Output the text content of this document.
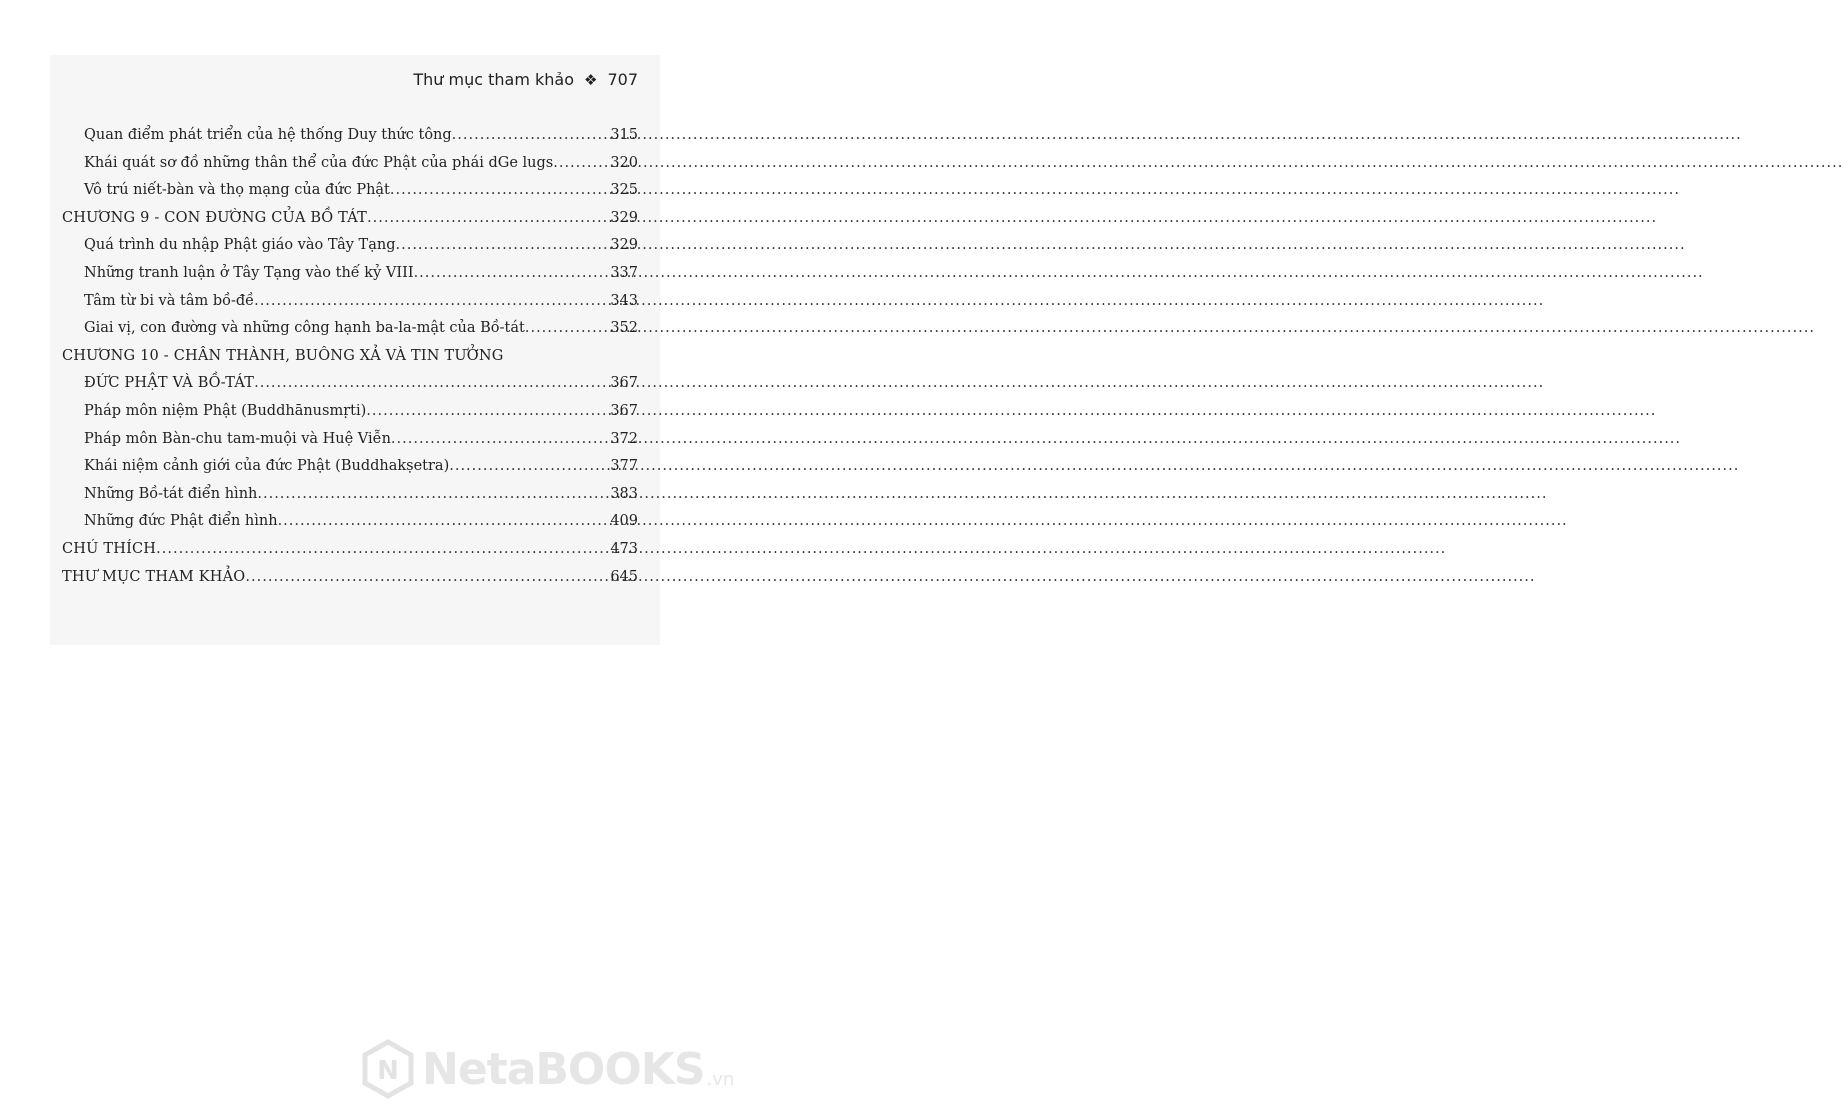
Thư mục tham khảo ❖ 707
Quan điểm phát triển của hệ thống Duy thức tông .....	315
Khái quát sơ đồ những thân thể của đức Phật của phái dGe lugs .....	320
Vô trú niết-bàn và thọ mạng của đức Phật .....	325
CHƯƠNG 9 - CON ĐƯỜNG CỦA BỒ TÁT .....	329
Quá trình du nhập Phật giáo vào Tây Tạng .....	329
Những tranh luận ở Tây Tạng vào thế kỷ VIII .....	337
Tâm từ bi và tâm bồ-đề .....	343
Giai vị, con đường và những công hạnh ba-la-mật của Bồ-tát .....	352
CHƯƠNG 10 - CHÂN THÀNH, BUÔNG XẢ VÀ TIN TƯỞNG
ĐỨC PHẬT VÀ BỒ-TÁT .....	367
Pháp môn niệm Phật (Buddhānusmṛti) .....	367
Pháp môn Bàn-chu tam-muội và Huệ Viễn .....	372
Khái niệm cảnh giới của đức Phật (Buddhakṣetra) .....	377
Những Bồ-tát điển hình .....	383
Những đức Phật điển hình .....	409
CHÚ THÍCH .....	473
THƯ MỤC THAM KHẢO .....	645
N NetaBOOKS .vn
